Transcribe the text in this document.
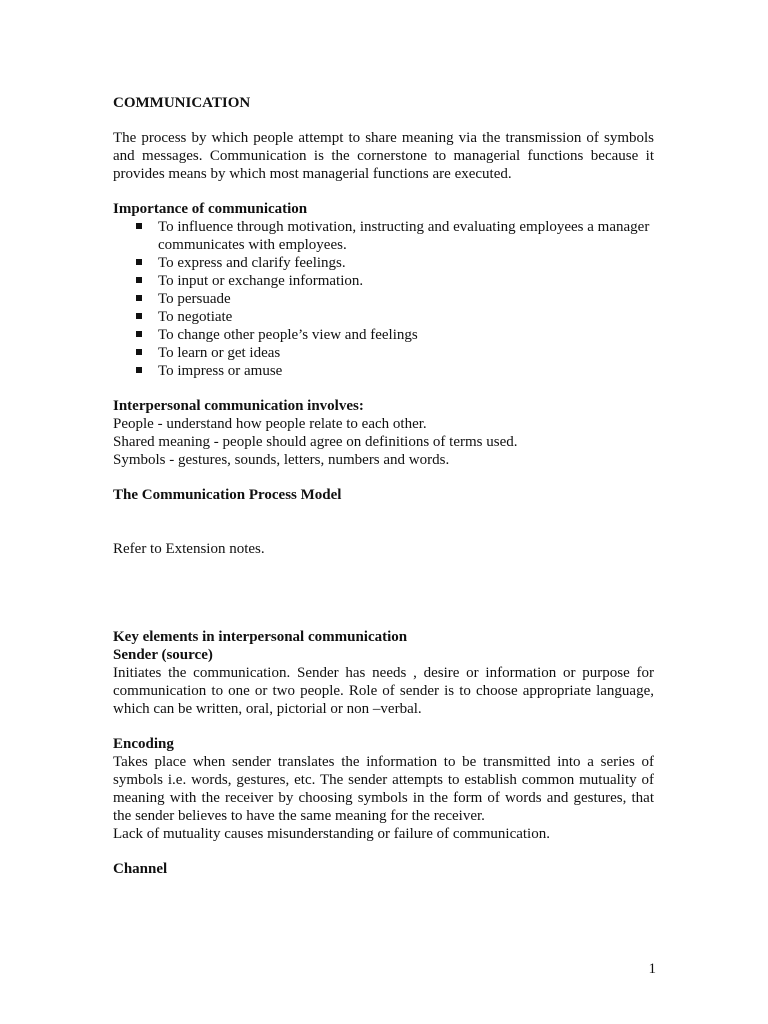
COMMUNICATION

The process by which people attempt to share meaning via the transmission of symbols and messages. Communication is the cornerstone to managerial functions because it provides means by which most managerial functions are executed.

Importance of communication

To influence through motivation, instructing and evaluating employees a manager communicates with employees.
To express and clarify feelings.
To input or exchange information.
To persuade
To negotiate
To change other people’s view and feelings
To learn or get ideas
To impress or amuse

Interpersonal communication involves:

People - understand how people relate to each other.

Shared meaning - people should agree on definitions of terms used.

Symbols - gestures, sounds, letters, numbers and words.

The Communication Process Model

Refer to Extension notes.

Key elements in interpersonal communication

Sender (source)

Initiates the communication. Sender has needs , desire or information or purpose for communication to one or two people. Role of sender is to choose appropriate language, which can be written, oral, pictorial or non –verbal.

Encoding

Takes place when sender translates the information to be transmitted into a series of symbols i.e. words, gestures, etc. The sender attempts to establish common mutuality of meaning with the receiver by choosing symbols in the form of words and gestures, that the sender believes to have the same meaning for the receiver.

Lack of mutuality causes misunderstanding or failure of communication.

Channel

1
